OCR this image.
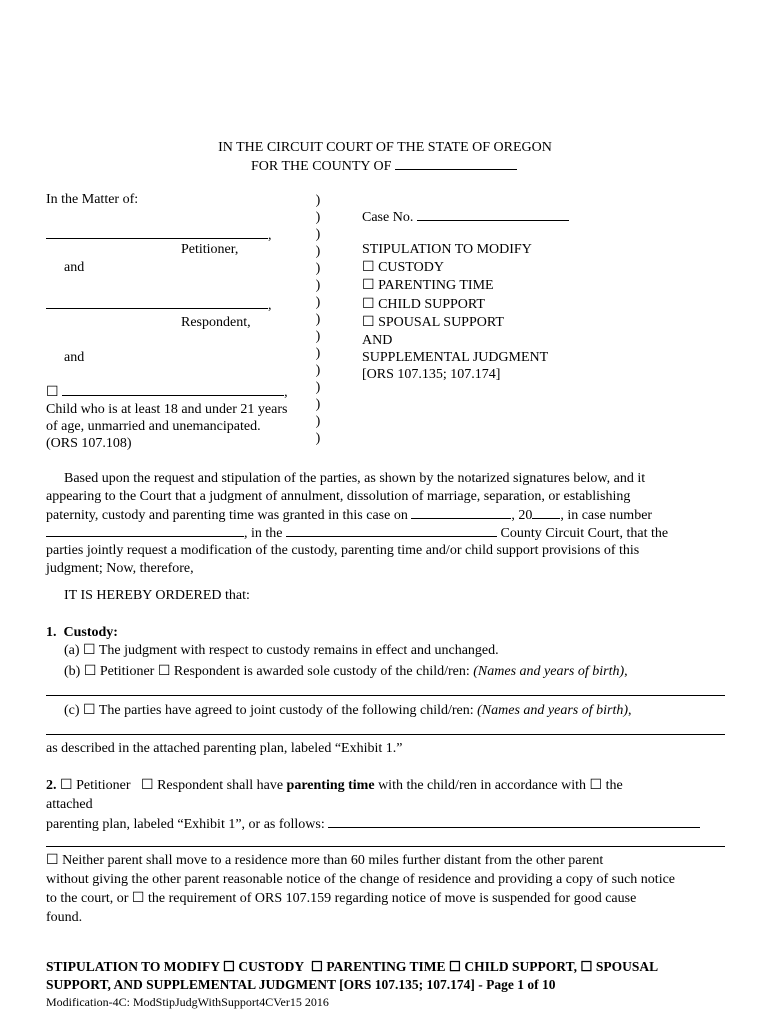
IN THE CIRCUIT COURT OF THE STATE OF OREGON
FOR THE COUNTY OF
In the Matter of:
,
Petitioner,
and
,
Respondent,
and
☐	,
Child who is at least 18 and under 21 years
of age, unmarried and unemancipated.
(ORS 107.108)
)
)
)
)
)
)
)
)
)
)
)
)
)
)
)
Case No.
STIPULATION TO MODIFY
☐ CUSTODY
☐ PARENTING TIME
☐ CHILD SUPPORT
☐ SPOUSAL SUPPORT
AND
SUPPLEMENTAL JUDGMENT
[ORS 107.135; 107.174]
Based upon the request and stipulation of the parties, as shown by the notarized signatures below, and it
appearing to the Court that a judgment of annulment, dissolution of marriage, separation, or establishing
paternity, custody and parenting time was granted in this case on	, 20 , in case number
, in the	County Circuit Court, that the
parties jointly request a modification of the custody, parenting time and/or child support provisions of this
judgment; Now, therefore,
IT IS HEREBY ORDERED that:
1.  Custody:
(a) ☐ The judgment with respect to custody remains in effect and unchanged.
(b) ☐ Petitioner ☐ Respondent is awarded sole custody of the child/ren: (Names and years of birth),
(c) ☐ The parties have agreed to joint custody of the following child/ren: (Names and years of birth),
as described in the attached parenting plan, labeled “Exhibit 1.”
2. ☐ Petitioner ☐ Respondent shall have parenting time with the child/ren in accordance with ☐ the
attached
parenting plan, labeled “Exhibit 1”, or as follows:
☐ Neither parent shall move to a residence more than 60 miles further distant from the other parent
without giving the other parent reasonable notice of the change of residence and providing a copy of such notice
to the court, or ☐ the requirement of ORS 107.159 regarding notice of move is suspended for good cause
found.
STIPULATION TO MODIFY ☐ CUSTODY ☐ PARENTING TIME ☐ CHILD SUPPORT, ☐ SPOUSAL
SUPPORT, AND SUPPLEMENTAL JUDGMENT [ORS 107.135; 107.174] - Page 1 of 10
Modification-4C: ModStipJudgWithSupport4CVer15 2016
